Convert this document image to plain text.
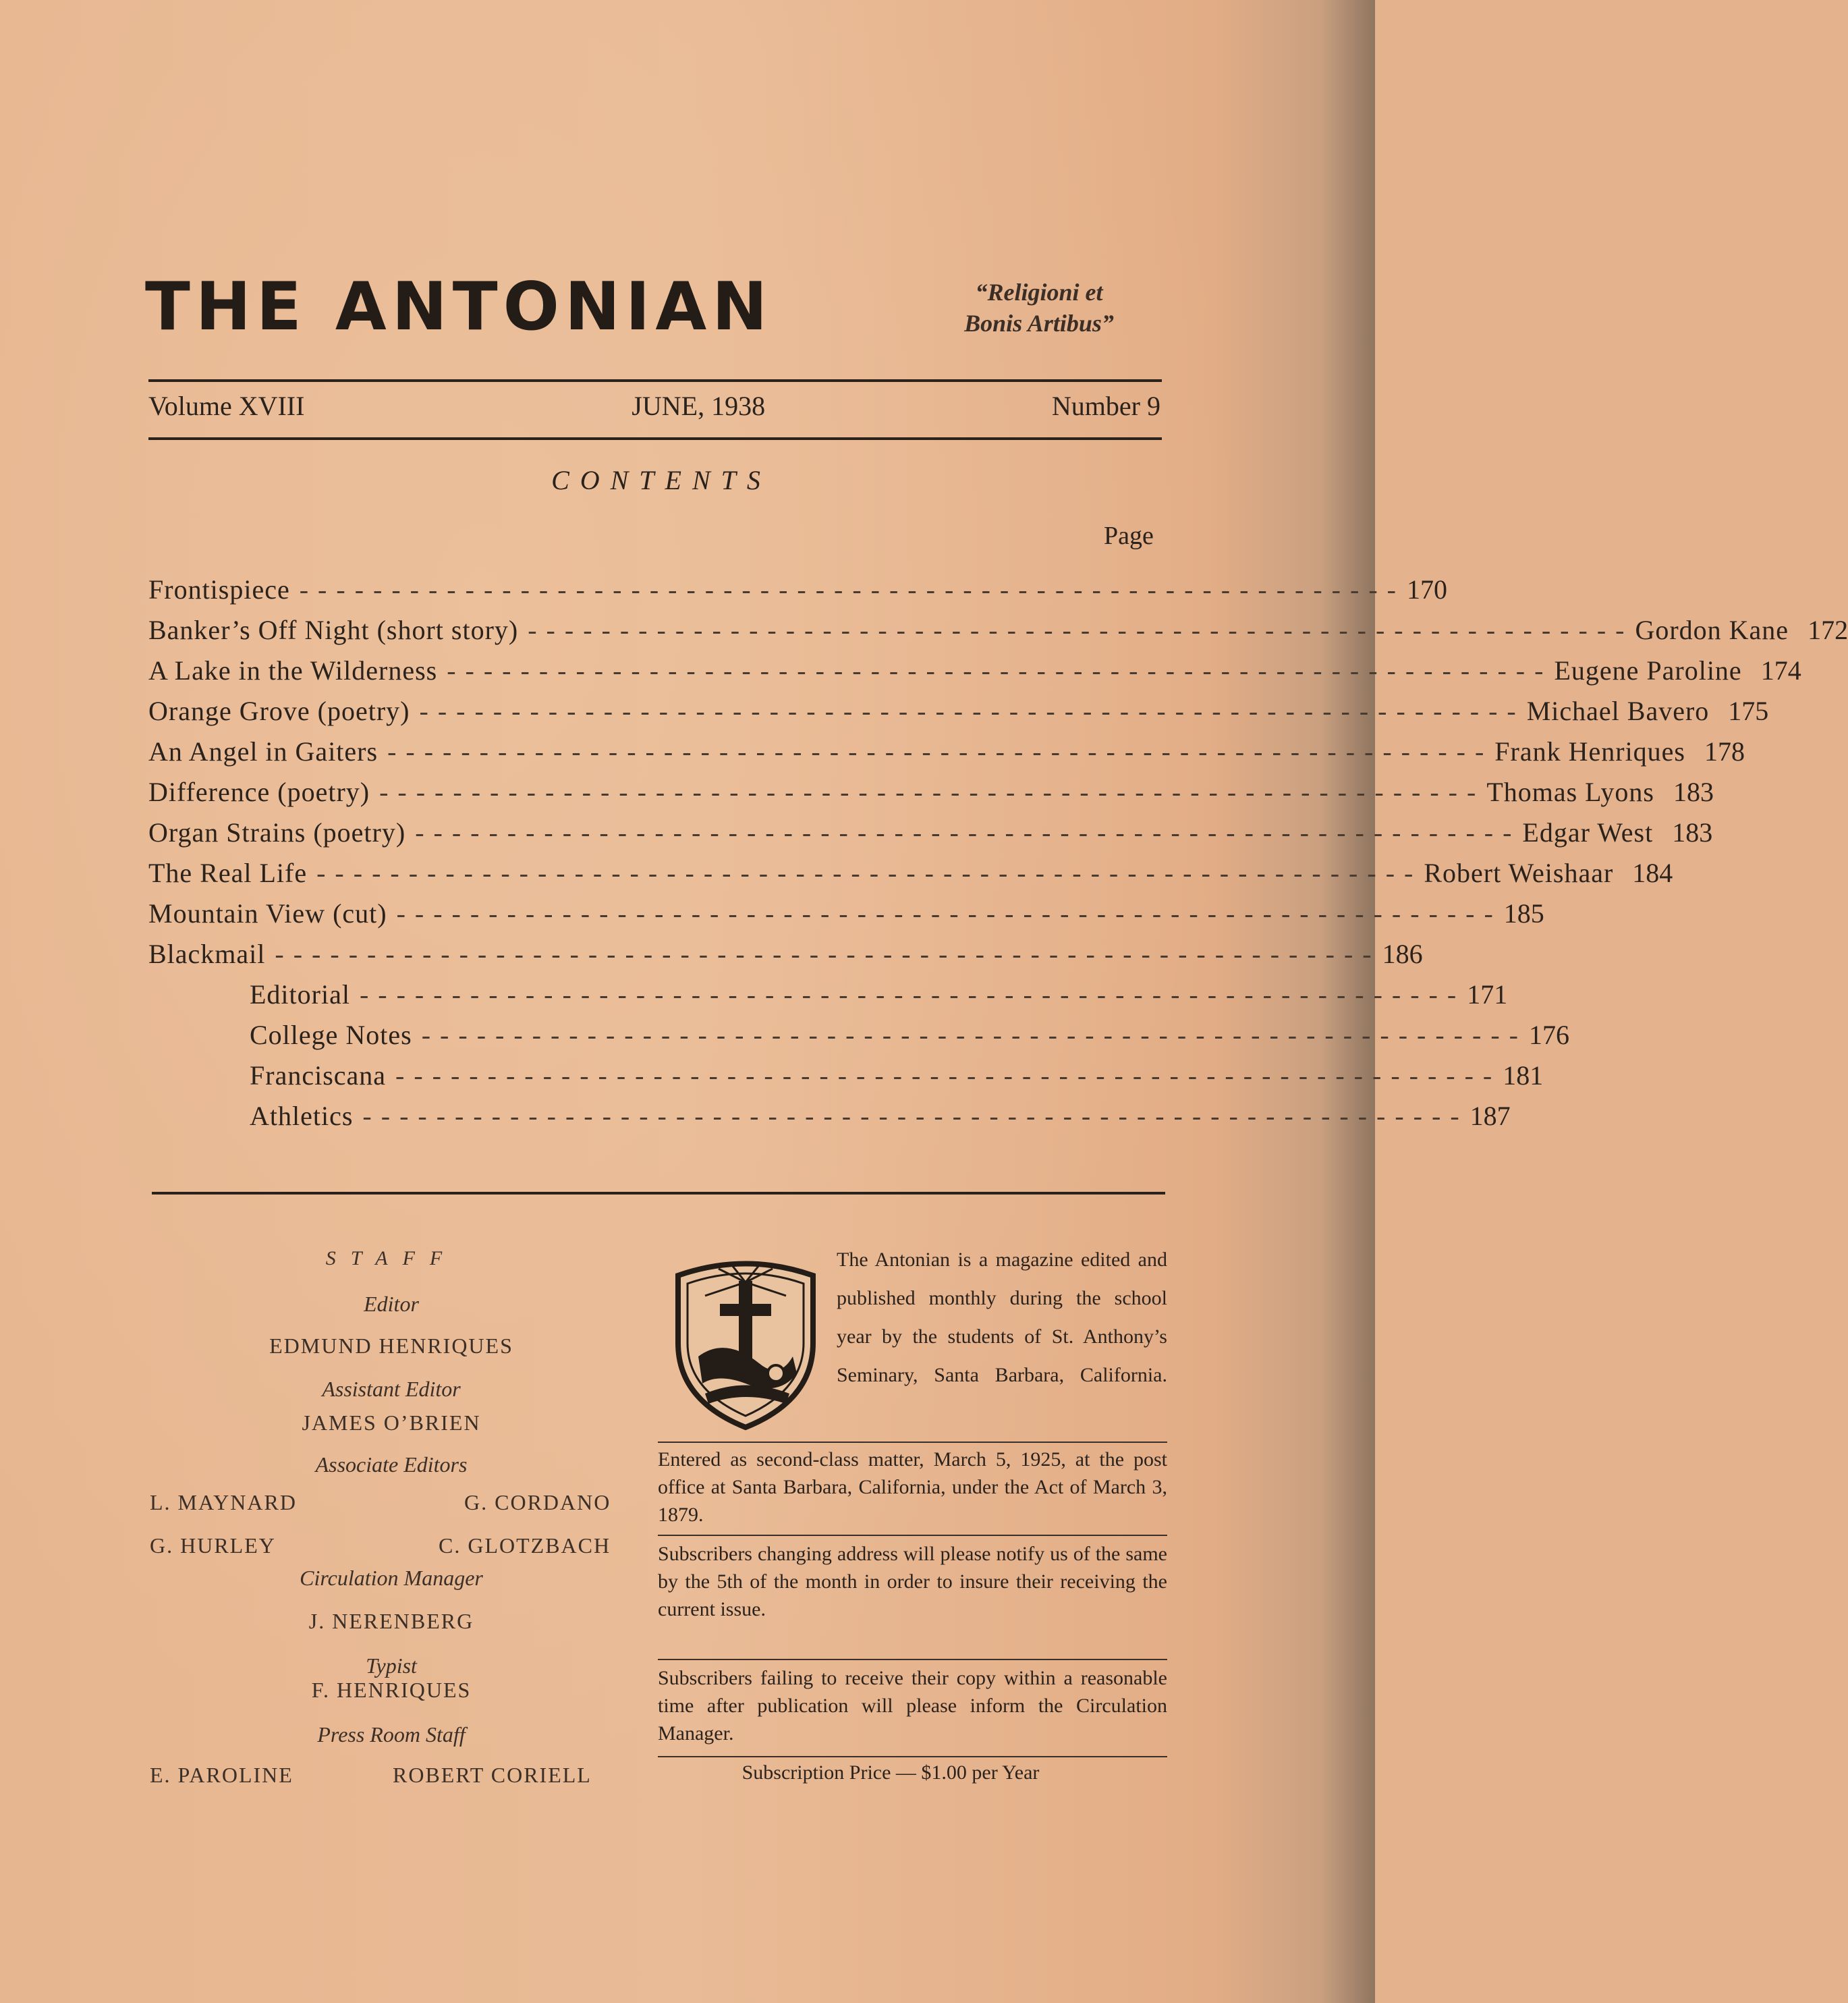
THE ANTONIAN	“Religioni et
Bonis Artibus”
Volume XVIII	JUNE, 1938	Number 9
CONTENTS
Page
Frontispiece - - - - - - - - - - - - - - - - - - - - - - - - - - - - - - - - - - - - - - - - - - - - - - - - - - - - - - - - - - - - 170
Banker’s Off Night (short story) - - - - - - - - - - - - - - - - - - - - - - - - - - - - - - - - - - - - - - - - - - - - - - - - - - - - - - - - - - - - Gordon Kane 172
A Lake in the Wilderness - - - - - - - - - - - - - - - - - - - - - - - - - - - - - - - - - - - - - - - - - - - - - - - - - - - - - - - - - - - - Eugene Paroline 174
Orange Grove (poetry) - - - - - - - - - - - - - - - - - - - - - - - - - - - - - - - - - - - - - - - - - - - - - - - - - - - - - - - - - - - - Michael Bavero 175
An Angel in Gaiters - - - - - - - - - - - - - - - - - - - - - - - - - - - - - - - - - - - - - - - - - - - - - - - - - - - - - - - - - - - - Frank Henriques 178
Difference (poetry) - - - - - - - - - - - - - - - - - - - - - - - - - - - - - - - - - - - - - - - - - - - - - - - - - - - - - - - - - - - - Thomas Lyons 183
Organ Strains (poetry) - - - - - - - - - - - - - - - - - - - - - - - - - - - - - - - - - - - - - - - - - - - - - - - - - - - - - - - - - - - - Edgar West 183
The Real Life - - - - - - - - - - - - - - - - - - - - - - - - - - - - - - - - - - - - - - - - - - - - - - - - - - - - - - - - - - - - Robert Weishaar 184
Mountain View (cut) - - - - - - - - - - - - - - - - - - - - - - - - - - - - - - - - - - - - - - - - - - - - - - - - - - - - - - - - - - - - 185
Blackmail - - - - - - - - - - - - - - - - - - - - - - - - - - - - - - - - - - - - - - - - - - - - - - - - - - - - - - - - - - - - 186
Editorial - - - - - - - - - - - - - - - - - - - - - - - - - - - - - - - - - - - - - - - - - - - - - - - - - - - - - - - - - - - - 171
College Notes - - - - - - - - - - - - - - - - - - - - - - - - - - - - - - - - - - - - - - - - - - - - - - - - - - - - - - - - - - - - 176
Franciscana - - - - - - - - - - - - - - - - - - - - - - - - - - - - - - - - - - - - - - - - - - - - - - - - - - - - - - - - - - - - 181
Athletics - - - - - - - - - - - - - - - - - - - - - - - - - - - - - - - - - - - - - - - - - - - - - - - - - - - - - - - - - - - - 187
STAFF
Editor
EDMUND HENRIQUES
Assistant Editor
JAMES O’BRIEN
Associate Editors
L. MAYNARD	G. CORDANO
G. HURLEY	C. GLOTZBACH
Circulation Manager
J. NERENBERG
Typist
F. HENRIQUES
Press Room Staff
E. PAROLINE	ROBERT CORIELL
The Antonian is a magazine edited and published monthly during the school year by the students of St. Anthony’s Seminary, Santa Barbara, California.
Entered as second-class matter, March 5, 1925, at the post office at Santa Barbara, California, under the Act of March 3, 1879.
Subscribers changing address will please notify us of the same by the 5th of the month in order to insure their receiving the current issue.
Subscribers failing to receive their copy within a reasonable time after publication will please inform the Circulation Manager.
Subscription Price — $1.00 per Year
